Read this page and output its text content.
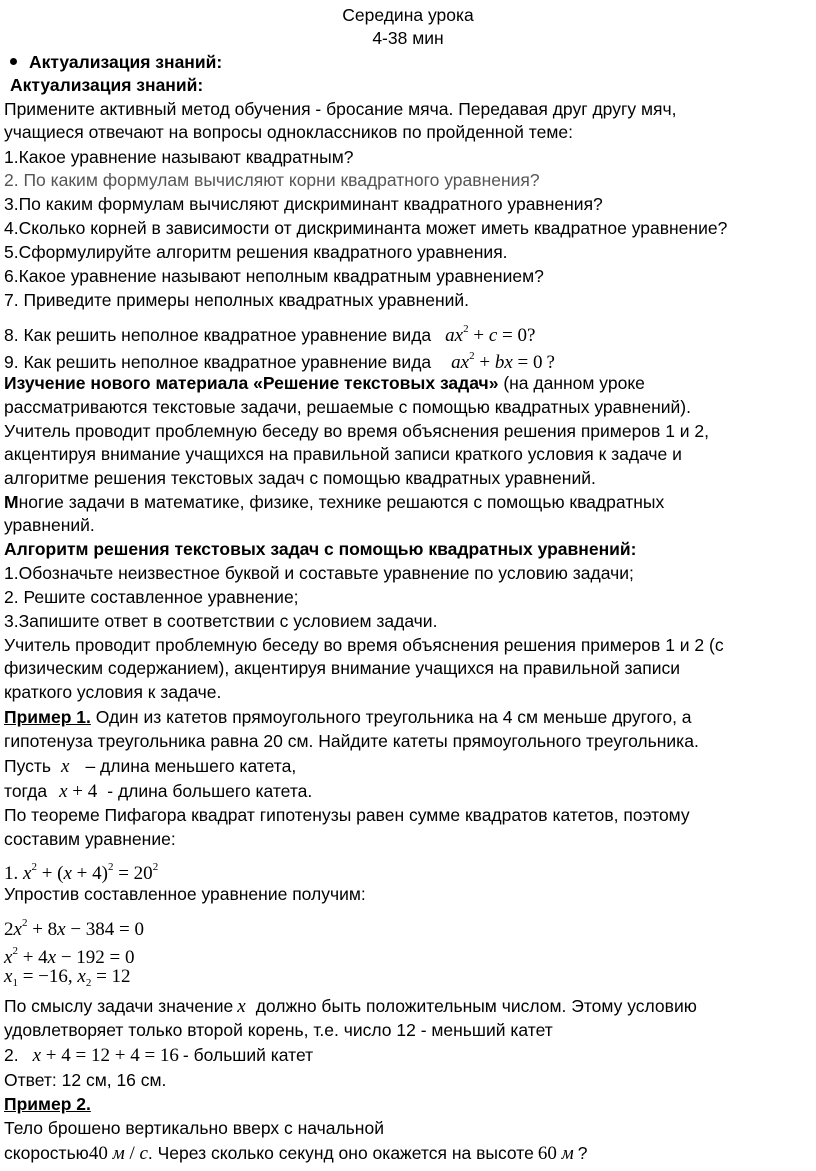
Середина урока
4-38 мин
Актуализация знаний:
Актуализация знаний:
Примените активный метод обучения - бросание мяча. Передавая друг другу мяч,
учащиеся отвечают на вопросы одноклассников по пройденной теме:
1.Какое уравнение называют квадратным?
2. По каким формулам вычисляют корни квадратного уравнения?
3.По каким формулам вычисляют дискриминант квадратного уравнения?
4.Сколько корней в зависимости от дискриминанта может иметь квадратное уравнение?
5.Сформулируйте алгоритм решения квадратного уравнения.
6.Какое уравнение называют неполным квадратным уравнением?
7. Приведите примеры неполных квадратных уравнений.
8. Как решить неполное квадратное уравнение вида $ax^2 + c = 0$?
9. Как решить неполное квадратное уравнение вида $ax^2$ + bx = 0 ?
Изучение нового материала «Решение текстовых задач» (на данном уроке
рассматриваются текстовые задачи, решаемые с помощью квадратных уравнений).
Учитель проводит проблемную беседу во время объяснения решения примеров 1 и 2,
акцентируя внимание учащихся на правильной записи краткого условия к задаче и
алгоритме решения текстовых задач с помощью квадратных уравнений.
Многие задачи в математике, физике, технике решаются с помощью квадратных
уравнений.
Алгоритм решения текстовых задач с помощью квадратных уравнений:
1.Обозначьте неизвестное буквой и составьте уравнение по условию задачи;
2. Решите составленное уравнение;
3.Запишите ответ в соответствии с условием задачи.
Учитель проводит проблемную беседу во время объяснения решения примеров 1 и 2 (с
физическим содержанием), акцентируя внимание учащихся на правильной записи
краткого условия к задаче.
Пример 1. Один из катетов прямоугольного треугольника на 4 см меньше другого, а
гипотенуза треугольника равна 20 см. Найдите катеты прямоугольного треугольника.
Пусть x – длина меньшего катета,
тогда x + 4 - длина большего катета.
По теореме Пифагора квадрат гипотенузы равен сумме квадратов катетов, поэтому
составим уравнение:
1. $x^2 + (x + 4)^2 = 20^2$
Упростив составленное уравнение получим:
$2x^2 + 8x - 384 = 0$
$x^2 + 4x - 192 = 0$
$x_1 = -16$, $x_2 = 12$
По смыслу задачи значение x должно быть положительным числом. Этому условию
удовлетворяет только второй корень, т.е. число 12 - меньший катет
2. x + 4 = 12 + 4 = 16 - больший катет
Ответ: 12 см, 16 см.
Пример 2.
Тело брошено вертикально вверх с начальной
скоростью40 м / с. Через сколько секунд оно окажется на высоте 60 м ?
